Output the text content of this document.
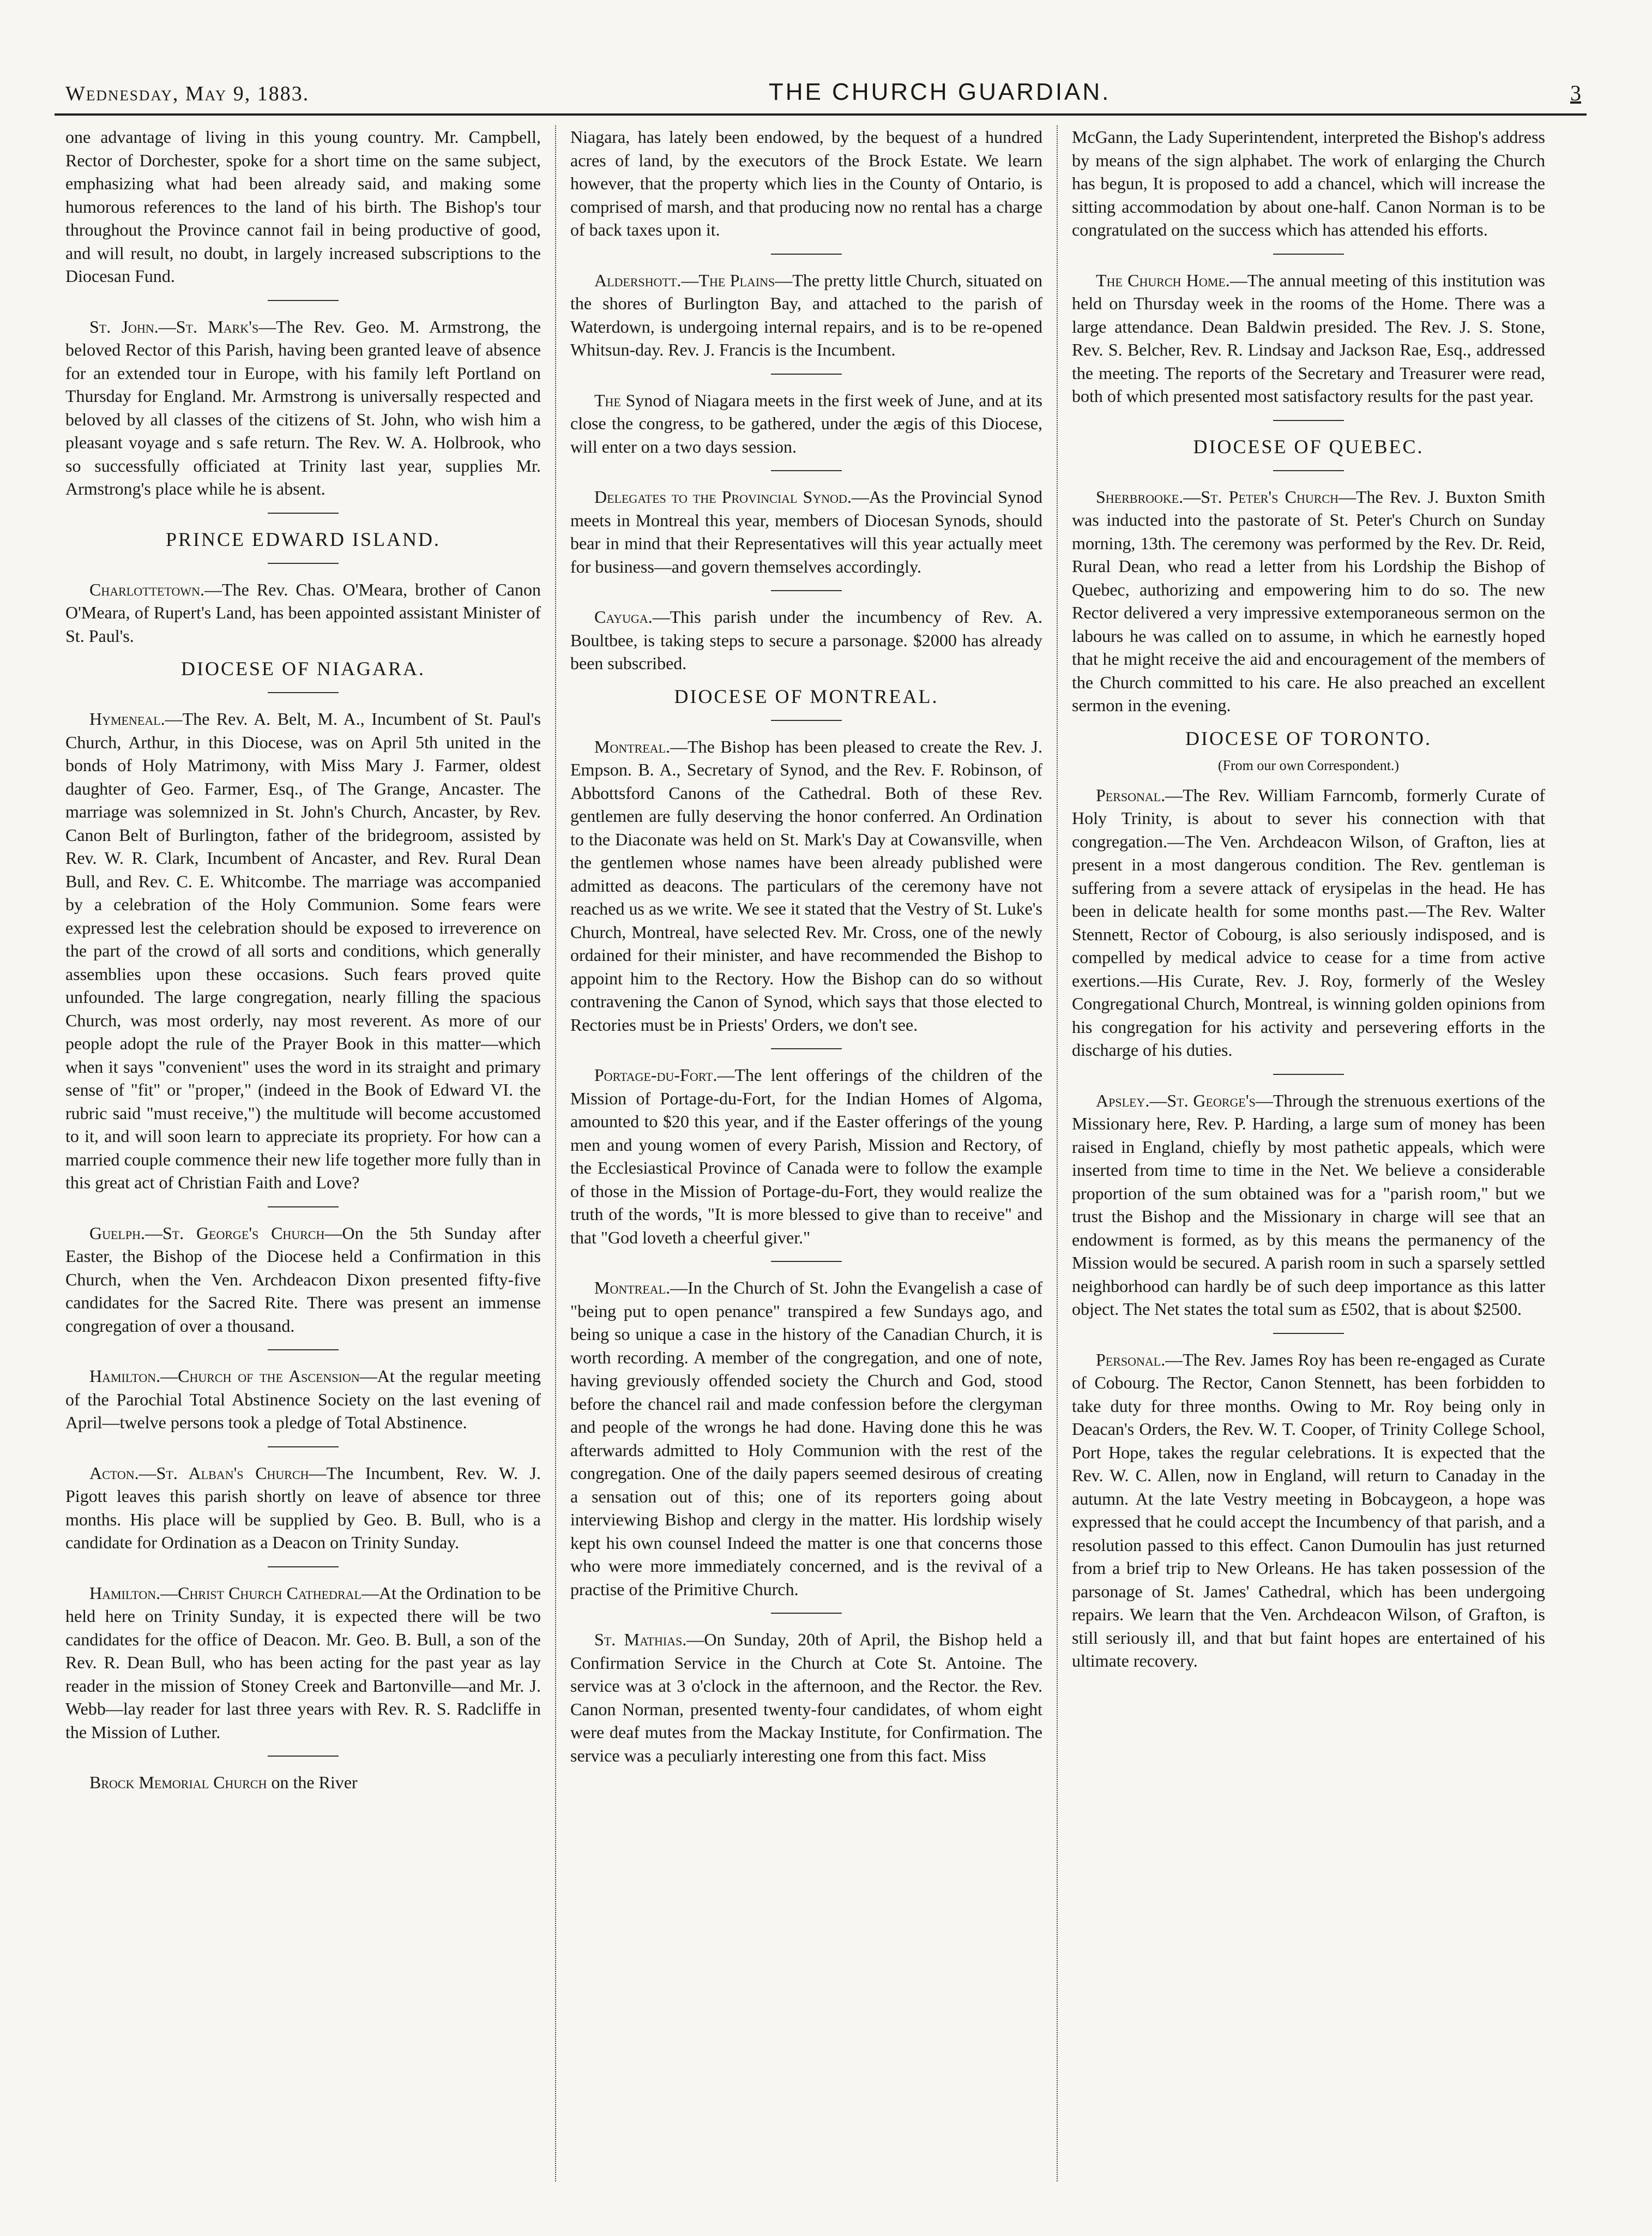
Wednesday, May 9, 1883.	THE CHURCH GUARDIAN.	3

one advantage of living in this young country. Mr. Campbell, Rector of Dorchester, spoke for a short time on the same subject, emphasizing what had been already said, and making some humorous references to the land of his birth. The Bishop's tour throughout the Province cannot fail in being productive of good, and will result, no doubt, in largely increased subscriptions to the Diocesan Fund.

St. John.—St. Mark's—The Rev. Geo. M. Armstrong, the beloved Rector of this Parish, having been granted leave of absence for an extended tour in Europe, with his family left Portland on Thursday for England. Mr. Armstrong is universally respected and beloved by all classes of the citizens of St. John, who wish him a pleasant voyage and s safe return. The Rev. W. A. Holbrook, who so successfully officiated at Trinity last year, supplies Mr. Armstrong's place while he is absent.

PRINCE EDWARD ISLAND.

Charlottetown.—The Rev. Chas. O'Meara, brother of Canon O'Meara, of Rupert's Land, has been appointed assistant Minister of St. Paul's.

DIOCESE OF NIAGARA.

Hymeneal.—The Rev. A. Belt, M. A., Incumbent of St. Paul's Church, Arthur, in this Diocese, was on April 5th united in the bonds of Holy Matrimony, with Miss Mary J. Farmer, oldest daughter of Geo. Farmer, Esq., of The Grange, Ancaster. The marriage was solemnized in St. John's Church, Ancaster, by Rev. Canon Belt of Burlington, father of the bridegroom, assisted by Rev. W. R. Clark, Incumbent of Ancaster, and Rev. Rural Dean Bull, and Rev. C. E. Whitcombe. The marriage was accompanied by a celebration of the Holy Communion. Some fears were expressed lest the celebration should be exposed to irreverence on the part of the crowd of all sorts and conditions, which generally assemblies upon these occasions. Such fears proved quite unfounded. The large congregation, nearly filling the spacious Church, was most orderly, nay most reverent. As more of our people adopt the rule of the Prayer Book in this matter—which when it says "convenient" uses the word in its straight and primary sense of "fit" or "proper," (indeed in the Book of Edward VI. the rubric said "must receive,") the multitude will become accustomed to it, and will soon learn to appreciate its propriety. For how can a married couple commence their new life together more fully than in this great act of Christian Faith and Love?

Guelph.—St. George's Church—On the 5th Sunday after Easter, the Bishop of the Diocese held a Confirmation in this Church, when the Ven. Archdeacon Dixon presented fifty-five candidates for the Sacred Rite. There was present an immense congregation of over a thousand.

Hamilton.—Church of the Ascension—At the regular meeting of the Parochial Total Abstinence Society on the last evening of April—twelve persons took a pledge of Total Abstinence.

Acton.—St. Alban's Church—The Incumbent, Rev. W. J. Pigott leaves this parish shortly on leave of absence tor three months. His place will be supplied by Geo. B. Bull, who is a candidate for Ordination as a Deacon on Trinity Sunday.

Hamilton.—Christ Church Cathedral—At the Ordination to be held here on Trinity Sunday, it is expected there will be two candidates for the office of Deacon. Mr. Geo. B. Bull, a son of the Rev. R. Dean Bull, who has been acting for the past year as lay reader in the mission of Stoney Creek and Bartonville—and Mr. J. Webb—lay reader for last three years with Rev. R. S. Radcliffe in the Mission of Luther.

Brock Memorial Church on the River

Niagara, has lately been endowed, by the bequest of a hundred acres of land, by the executors of the Brock Estate. We learn however, that the property which lies in the County of Ontario, is comprised of marsh, and that producing now no rental has a charge of back taxes upon it.

Aldershott.—The Plains—The pretty little Church, situated on the shores of Burlington Bay, and attached to the parish of Waterdown, is undergoing internal repairs, and is to be re-opened Whitsun-day. Rev. J. Francis is the Incumbent.

The Synod of Niagara meets in the first week of June, and at its close the congress, to be gathered, under the ægis of this Diocese, will enter on a two days session.

Delegates to the Provincial Synod.—As the Provincial Synod meets in Montreal this year, members of Diocesan Synods, should bear in mind that their Representatives will this year actually meet for business—and govern themselves accordingly.

Cayuga.—This parish under the incumbency of Rev. A. Boultbee, is taking steps to secure a parsonage. $2000 has already been subscribed.

DIOCESE OF MONTREAL.

Montreal.—The Bishop has been pleased to create the Rev. J. Empson. B. A., Secretary of Synod, and the Rev. F. Robinson, of Abbottsford Canons of the Cathedral. Both of these Rev. gentlemen are fully deserving the honor conferred. An Ordination to the Diaconate was held on St. Mark's Day at Cowansville, when the gentlemen whose names have been already published were admitted as deacons. The particulars of the ceremony have not reached us as we write. We see it stated that the Vestry of St. Luke's Church, Montreal, have selected Rev. Mr. Cross, one of the newly ordained for their minister, and have recommended the Bishop to appoint him to the Rectory. How the Bishop can do so without contravening the Canon of Synod, which says that those elected to Rectories must be in Priests' Orders, we don't see.

Portage-du-Fort.—The lent offerings of the children of the Mission of Portage-du-Fort, for the Indian Homes of Algoma, amounted to $20 this year, and if the Easter offerings of the young men and young women of every Parish, Mission and Rectory, of the Ecclesiastical Province of Canada were to follow the example of those in the Mission of Portage-du-Fort, they would realize the truth of the words, "It is more blessed to give than to receive" and that "God loveth a cheerful giver."

Montreal.—In the Church of St. John the Evangelish a case of "being put to open penance" transpired a few Sundays ago, and being so unique a case in the history of the Canadian Church, it is worth recording. A member of the congregation, and one of note, having greviously offended society the Church and God, stood before the chancel rail and made confession before the clergyman and people of the wrongs he had done. Having done this he was afterwards admitted to Holy Communion with the rest of the congregation. One of the daily papers seemed desirous of creating a sensation out of this; one of its reporters going about interviewing Bishop and clergy in the matter. His lordship wisely kept his own counsel Indeed the matter is one that concerns those who were more immediately concerned, and is the revival of a practise of the Primitive Church.

St. Mathias.—On Sunday, 20th of April, the Bishop held a Confirmation Service in the Church at Cote St. Antoine. The service was at 3 o'clock in the afternoon, and the Rector. the Rev. Canon Norman, presented twenty-four candidates, of whom eight were deaf mutes from the Mackay Institute, for Confirmation. The service was a peculiarly interesting one from this fact. Miss

McGann, the Lady Superintendent, interpreted the Bishop's address by means of the sign alphabet. The work of enlarging the Church has begun, It is proposed to add a chancel, which will increase the sitting accommodation by about one-half. Canon Norman is to be congratulated on the success which has attended his efforts.

The Church Home.—The annual meeting of this institution was held on Thursday week in the rooms of the Home. There was a large attendance. Dean Baldwin presided. The Rev. J. S. Stone, Rev. S. Belcher, Rev. R. Lindsay and Jackson Rae, Esq., addressed the meeting. The reports of the Secretary and Treasurer were read, both of which presented most satisfactory results for the past year.

DIOCESE OF QUEBEC.

Sherbrooke.—St. Peter's Church—The Rev. J. Buxton Smith was inducted into the pastorate of St. Peter's Church on Sunday morning, 13th. The ceremony was performed by the Rev. Dr. Reid, Rural Dean, who read a letter from his Lordship the Bishop of Quebec, authorizing and empowering him to do so. The new Rector delivered a very impressive extemporaneous sermon on the labours he was called on to assume, in which he earnestly hoped that he might receive the aid and encouragement of the members of the Church committed to his care. He also preached an excellent sermon in the evening.

DIOCESE OF TORONTO.
(From our own Correspondent.)

Personal.—The Rev. William Farncomb, formerly Curate of Holy Trinity, is about to sever his connection with that congregation.—The Ven. Archdeacon Wilson, of Grafton, lies at present in a most dangerous condition. The Rev. gentleman is suffering from a severe attack of erysipelas in the head. He has been in delicate health for some months past.—The Rev. Walter Stennett, Rector of Cobourg, is also seriously indisposed, and is compelled by medical advice to cease for a time from active exertions.—His Curate, Rev. J. Roy, formerly of the Wesley Congregational Church, Montreal, is winning golden opinions from his congregation for his activity and persevering efforts in the discharge of his duties.

Apsley.—St. George's—Through the strenuous exertions of the Missionary here, Rev. P. Harding, a large sum of money has been raised in England, chiefly by most pathetic appeals, which were inserted from time to time in the Net. We believe a considerable proportion of the sum obtained was for a "parish room," but we trust the Bishop and the Missionary in charge will see that an endowment is formed, as by this means the permanency of the Mission would be secured. A parish room in such a sparsely settled neighborhood can hardly be of such deep importance as this latter object. The Net states the total sum as £502, that is about $2500.

Personal.—The Rev. James Roy has been re-engaged as Curate of Cobourg. The Rector, Canon Stennett, has been forbidden to take duty for three months. Owing to Mr. Roy being only in Deacan's Orders, the Rev. W. T. Cooper, of Trinity College School, Port Hope, takes the regular celebrations. It is expected that the Rev. W. C. Allen, now in England, will return to Canaday in the autumn. At the late Vestry meeting in Bobcaygeon, a hope was expressed that he could accept the Incumbency of that parish, and a resolution passed to this effect. Canon Dumoulin has just returned from a brief trip to New Orleans. He has taken possession of the parsonage of St. James' Cathedral, which has been undergoing repairs. We learn that the Ven. Archdeacon Wilson, of Grafton, is still seriously ill, and that but faint hopes are entertained of his ultimate recovery.
